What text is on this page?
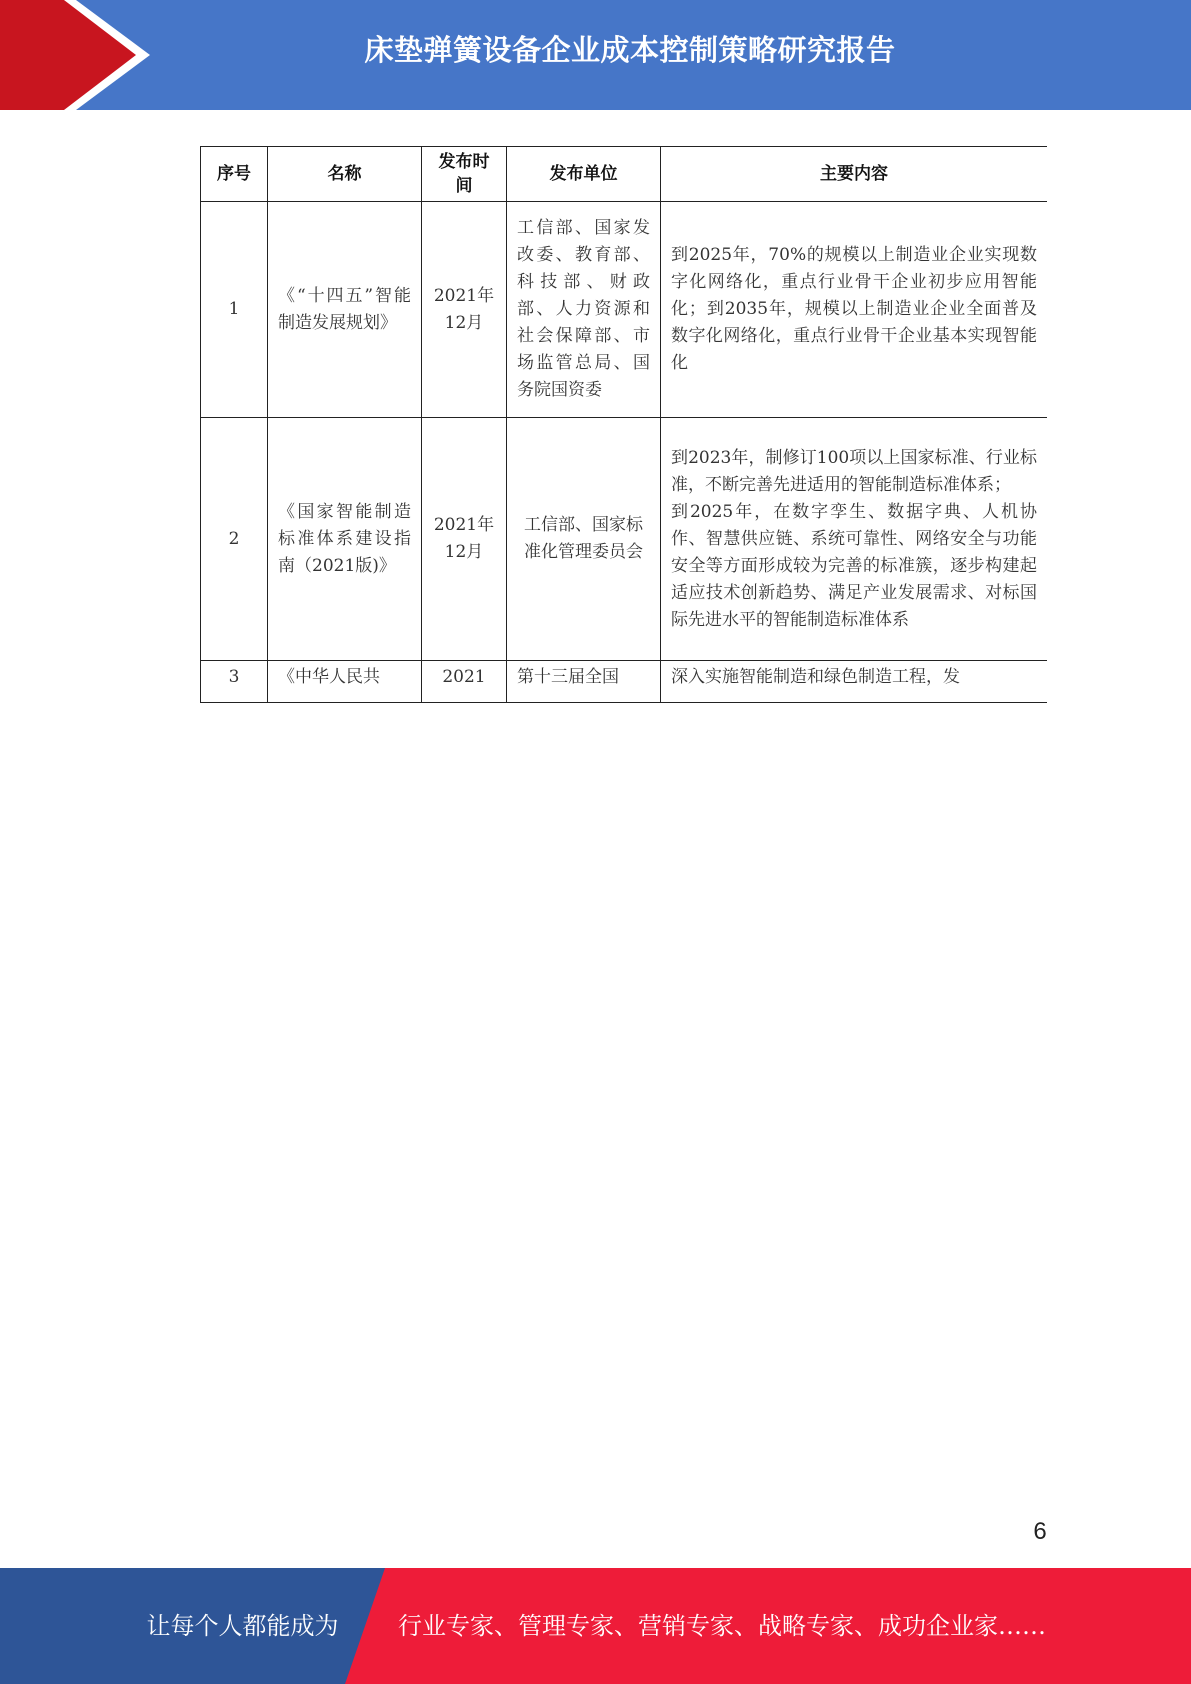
床垫弹簧设备企业成本控制策略研究报告
序号	名称	发布时间	发布单位	主要内容
1	《“十四五”智能制造发展规划》	2021年12月	工信部、国家发改委、教育部、科技部、财政部、人力资源和社会保障部、市场监管总局、国务院国资委	到2025年，70%的规模以上制造业企业实现数字化网络化，重点行业骨干企业初步应用智能化；到2035年，规模以上制造业企业全面普及数字化网络化，重点行业骨干企业基本实现智能化
2	《国家智能制造标准体系建设指南（2021版)》	2021年12月	工信部、国家标准化管理委员会	到2023年，制修订100项以上国家标准、行业标准，不断完善先进适用的智能制造标准体系；
到2025年，在数字孪生、数据字典、人机协作、智慧供应链、系统可靠性、网络安全与功能安全等方面形成较为完善的标准簇，逐步构建起适应技术创新趋势、满足产业发展需求、对标国际先进水平的智能制造标准体系

3	《中华人民共	2021	第十三届全国	深入实施智能制造和绿色制造工程，发
6
让每个人都能成为	行业专家、管理专家、营销专家、战略专家、成功企业家……
